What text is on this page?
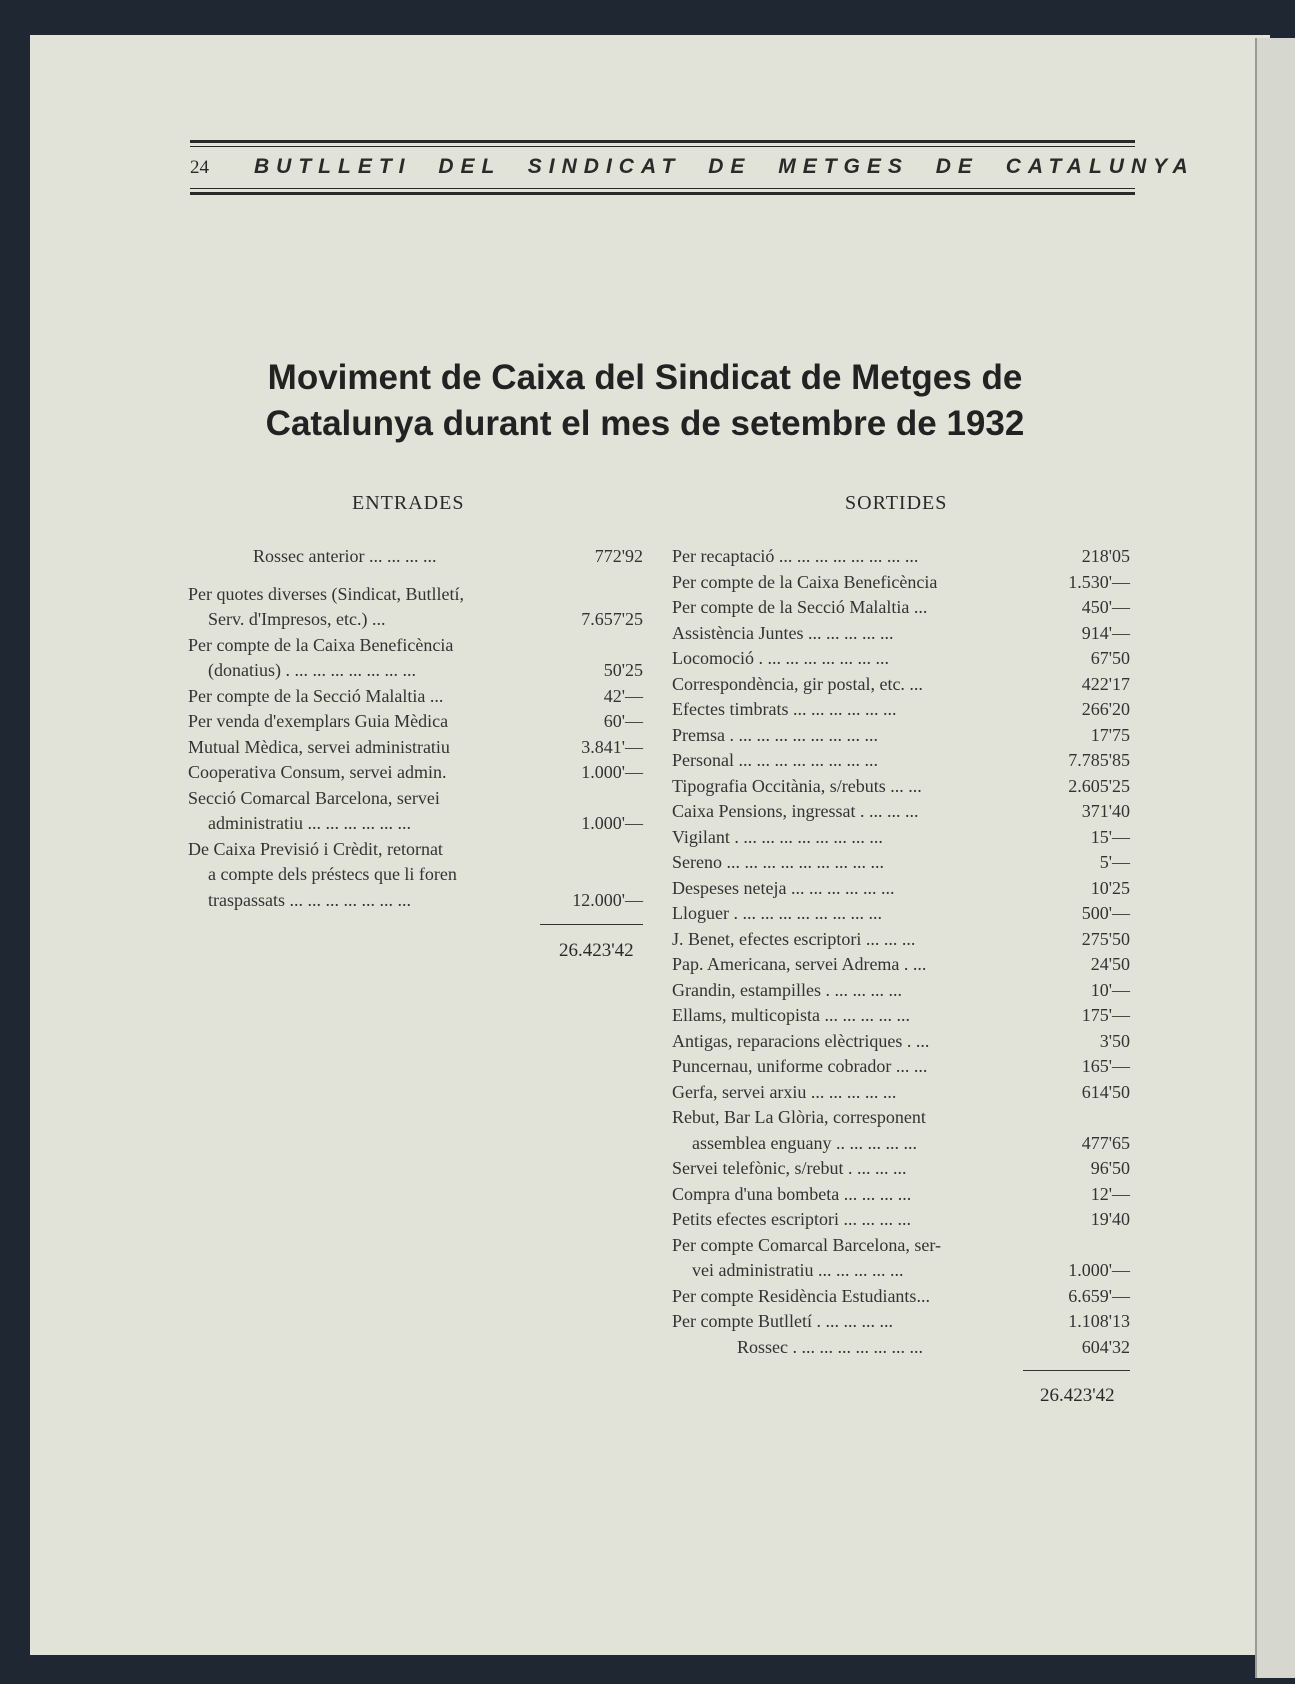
24 BUTLLETI DEL SINDICAT DE METGES DE CATALUNYA
Moviment de Caixa del Sindicat de Metges de
Catalunya durant el mes de setembre de 1932
ENTRADES	SORTIDES
Rossec anterior ... ... ... ...	772'92
Per quotes diverses (Sindicat, Butlletí,
Serv. d'Impresos, etc.) ...	7.657'25
Per compte de la Caixa Beneficència
(donatius) . ... ... ... ... ... ... ...	50'25
Per compte de la Secció Malaltia ...	42'—
Per venda d'exemplars Guia Mèdica	60'—
Mutual Mèdica, servei administratiu	3.841'—
Cooperativa Consum, servei admin.	1.000'—
Secció Comarcal Barcelona, servei
administratiu ... ... ... ... ... ...	1.000'—
De Caixa Previsió i Crèdit, retornat
a compte dels préstecs que li foren
traspassats ... ... ... ... ... ... ...	12.000'—
26.423'42
Per recaptació ... ... ... ... ... ... ... ...	218'05
Per compte de la Caixa Beneficència	1.530'—
Per compte de la Secció Malaltia ...	450'—
Assistència Juntes ... ... ... ... ...	914'—
Locomoció . ... ... ... ... ... ... ...	67'50
Correspondència, gir postal, etc. ...	422'17
Efectes timbrats ... ... ... ... ... ...	266'20
Premsa . ... ... ... ... ... ... ... ...	17'75
Personal ... ... ... ... ... ... ... ...	7.785'85
Tipografia Occitània, s/rebuts ... ...	2.605'25
Caixa Pensions, ingressat . ... ... ...	371'40
Vigilant . ... ... ... ... ... ... ... ...	15'—
Sereno ... ... ... ... ... ... ... ... ...	5'—
Despeses neteja ... ... ... ... ... ...	10'25
Lloguer . ... ... ... ... ... ... ... ...	500'—
J. Benet, efectes escriptori ... ... ...	275'50
Pap. Americana, servei Adrema . ...	24'50
Grandin, estampilles . ... ... ... ...	10'—
Ellams, multicopista ... ... ... ... ...	175'—
Antigas, reparacions elèctriques . ...	3'50
Puncernau, uniforme cobrador ... ...	165'—
Gerfa, servei arxiu ... ... ... ... ...	614'50
Rebut, Bar La Glòria, corresponent
assemblea enguany .. ... ... ... ...	477'65
Servei telefònic, s/rebut . ... ... ...	96'50
Compra d'una bombeta ... ... ... ...	12'—
Petits efectes escriptori ... ... ... ...	19'40
Per compte Comarcal Barcelona, ser-
vei administratiu ... ... ... ... ...	1.000'—
Per compte Residència Estudiants...	6.659'—
Per compte Butlletí . ... ... ... ...	1.108'13
Rossec . ... ... ... ... ... ... ...	604'32
26.423'42
